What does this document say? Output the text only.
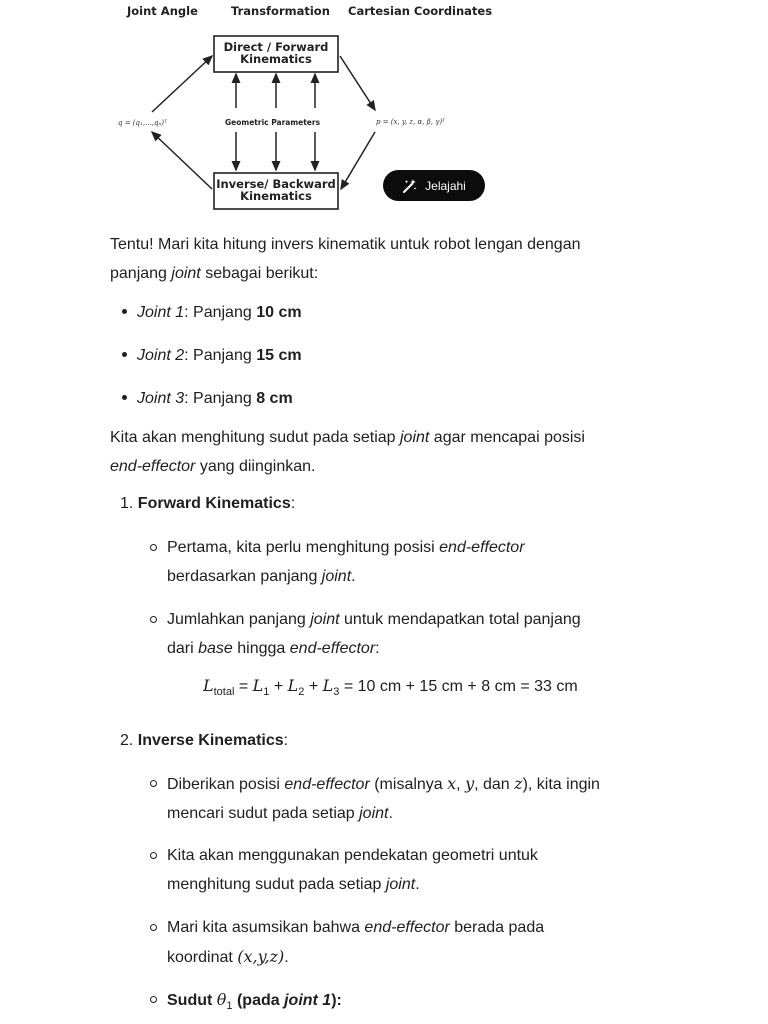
Joint Angle	Transformation Cartesian Coordinates
Direct / Forward
Kinematics
Inverse/ Backward
Kinematics
Geometric Parameters
q = (q₁,...,qₙ)ᵀ	p = (x, y, z, α, β, γ)ᵀ
Jelajahi
Tentu! Mari kita hitung invers kinematik untuk robot lengan dengan
panjang joint sebagai berikut:
Joint 1: Panjang 10 cm
Joint 2: Panjang 15 cm
Joint 3: Panjang 8 cm
Kita akan menghitung sudut pada setiap joint agar mencapai posisi
end-effector yang diinginkan.
1. Forward Kinematics:
Pertama, kita perlu menghitung posisi end-effector
berdasarkan panjang joint.
Jumlahkan panjang joint untuk mendapatkan total panjang
dari base hingga end-effector:
$L_{total} = L_1 + L_2 + L_3 = 10$ cm + 15 cm + 8 cm = 33 cm
2. Inverse Kinematics:
Diberikan posisi end-effector (misalnya x, y, dan z), kita ingin
mencari sudut pada setiap joint.
Kita akan menggunakan pendekatan geometri untuk
menghitung sudut pada setiap joint.
Mari kita asumsikan bahwa end-effector berada pada
koordinat (x,y,z).
Sudut $\theta_1$ (pada joint 1):
